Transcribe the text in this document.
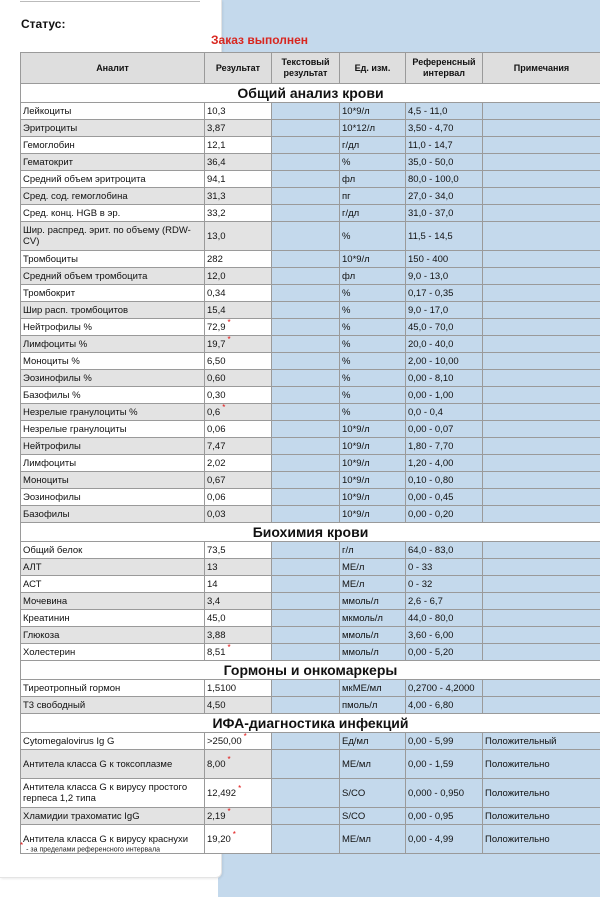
Статус:
Заказ выполнен
Аналит	Результат	Текстовый результат	Ед. изм.	Референсный интервал	Примечания
Общий анализ крови					
Лейкоциты	10,3		10*9/л	4,5 - 11,0	
Эритроциты	3,87		10*12/л	3,50 - 4,70	
Гемоглобин	12,1		г/дл	11,0 - 14,7	
Гематокрит	36,4		%	35,0 - 50,0	
Средний объем эритроцита	94,1		фл	80,0 - 100,0	
Сред. сод. гемоглобина	31,3		пг	27,0 - 34,0	
Сред. конц. HGB в эр.	33,2		г/дл	31,0 - 37,0	
Шир. распред. эрит. по объему (RDW-CV)	13,0		%	11,5 - 14,5	
Тромбоциты	282		10*9/л	150 - 400	
Средний объем тромбоцита	12,0		фл	9,0 - 13,0	
Тромбокрит	0,34		%	0,17 - 0,35	
Шир расп. тромбоцитов	15,4		%	9,0 - 17,0	
Нейтрофилы %	72,9 *		%	45,0 - 70,0	
Лимфоциты %	19,7 *		%	20,0 - 40,0	
Моноциты %	6,50		%	2,00 - 10,00	
Эозинофилы %	0,60		%	0,00 - 8,10	
Базофилы %	0,30		%	0,00 - 1,00	
Незрелые гранулоциты %	0,6 *		%	0,0 - 0,4	
Незрелые гранулоциты	0,06		10*9/л	0,00 - 0,07	
Нейтрофилы	7,47		10*9/л	1,80 - 7,70	
Лимфоциты	2,02		10*9/л	1,20 - 4,00	
Моноциты	0,67		10*9/л	0,10 - 0,80	
Эозинофилы	0,06		10*9/л	0,00 - 0,45	
Базофилы	0,03		10*9/л	0,00 - 0,20	
Биохимия крови					
Общий белок	73,5		г/л	64,0 - 83,0	
АЛТ	13		МЕ/л	0 - 33	
АСТ	14		МЕ/л	0 - 32	
Мочевина	3,4		ммоль/л	2,6 - 6,7	
Креатинин	45,0		мкмоль/л	44,0 - 80,0	
Глюкоза	3,88		ммоль/л	3,60 - 6,00	
Холестерин	8,51 *		ммоль/л	0,00 - 5,20	
Гормоны и онкомаркеры					
Тиреотропный гормон	1,5100		мкМЕ/мл	0,2700 - 4,2000	
Т3 свободный	4,50		пмоль/л	4,00 - 6,80	
ИФА-диагностика инфекций					
Cytomegalovirus Ig G	>250,00 *		Ед/мл	0,00 - 5,99	Положительный
Антитела класса G к токсоплазме	8,00 *		МЕ/мл	0,00 - 1,59	Положительно
Антитела класса G к вирусу простого герпеса 1,2 типа	12,492 *		S/CO	0,000 - 0,950	Положительно
Хламидии трахоматис IgG	2,19 *		S/CO	0,00 - 0,95	Положительно
Антитела класса G к вирусу краснухи	19,20 *		МЕ/мл	0,00 - 4,99	Положительно
* - за пределами референсного интервала
